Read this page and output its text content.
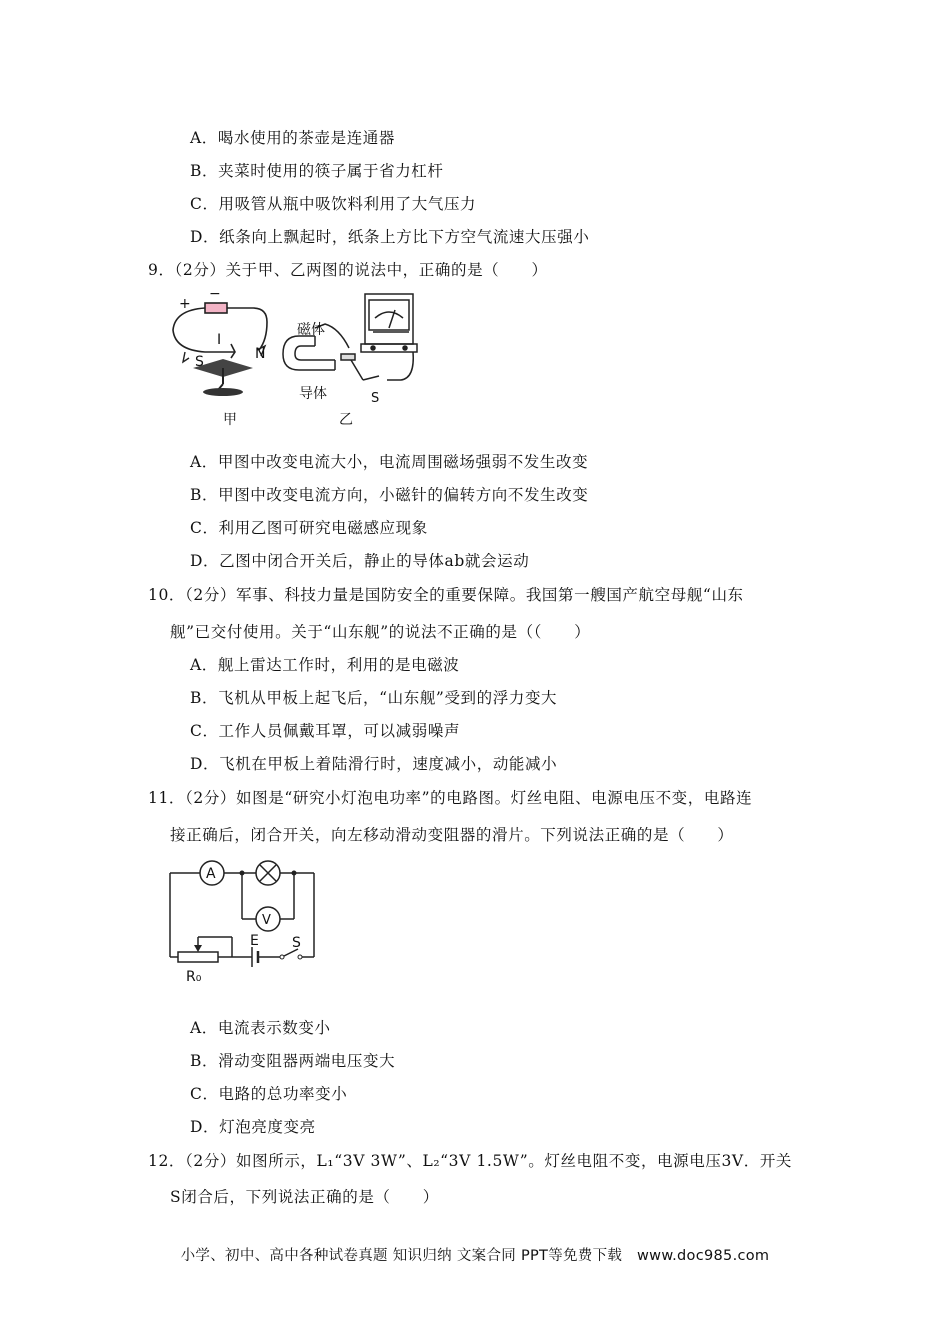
A．喝水使用的茶壶是连通器
B．夹菜时使用的筷子属于省力杠杆
C．用吸管从瓶中吸饮料利用了大气压力
D．纸条向上飘起时，纸条上方比下方空气流速大压强小
9．（2分）关于甲、乙两图的说法中，正确的是（　　）
+
−
I
S	N
甲
磁体
导体	S
乙
A．甲图中改变电流大小，电流周围磁场强弱不发生改变
B．甲图中改变电流方向，小磁针的偏转方向不发生改变
C．利用乙图可研究电磁感应现象
D．乙图中闭合开关后，静止的导体ab就会运动
10．（2分）军事、科技力量是国防安全的重要保障。我国第一艘国产航空母舰“山东
舰”已交付使用。关于“山东舰”的说法不正确的是（（　　）
A．舰上雷达工作时，利用的是电磁波
B．飞机从甲板上起飞后，“山东舰”受到的浮力变大
C．工作人员佩戴耳罩，可以减弱噪声
D．飞机在甲板上着陆滑行时，速度减小，动能减小
11．（2分）如图是“研究小灯泡电功率”的电路图。灯丝电阻、电源电压不变，电路连
接正确后，闭合开关，向左移动滑动变阻器的滑片。下列说法正确的是（　　）
A
V
E S
R₀
A．电流表示数变小
B．滑动变阻器两端电压变大
C．电路的总功率变小
D．灯泡亮度变亮
12．（2分）如图所示，L₁“3V 3W”、L₂“3V 1.5W”。灯丝电阻不变，电源电压3V．开关
S闭合后，下列说法正确的是（　　）
小学、初中、高中各种试卷真题 知识归纳 文案合同 PPT等免费下载　www.doc985.com
